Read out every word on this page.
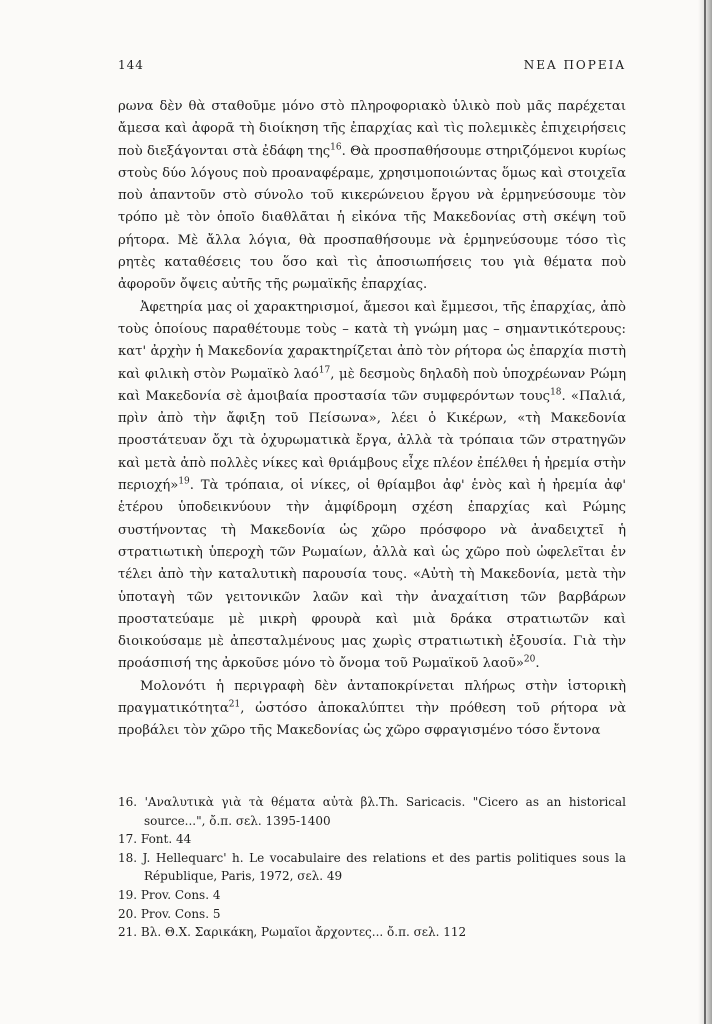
144	ΝΕΑ ΠΟΡΕΙΑ

ρωνα δὲν θὰ σταθοῦμε μόνο στὸ πληροφοριακὸ ὑλικὸ ποὺ μᾶς παρέχεται ἄμεσα καὶ ἀφορᾶ τὴ διοίκηση τῆς ἐπαρχίας καὶ τὶς πολεμικὲς ἐπιχειρήσεις ποὺ διεξάγονται στὰ ἐδάφη της$^{16}$. Θὰ προσπαθήσουμε στηριζόμενοι κυρίως στοὺς δύο λόγους ποὺ προαναφέραμε, χρησιμοποιώντας ὅμως καὶ στοιχεῖα ποὺ ἀπαντοῦν στὸ σύνολο τοῦ κικερώνειου ἔργου νὰ ἑρμηνεύσουμε τὸν τρόπο μὲ τὸν ὁποῖο διαθλᾶται ἡ εἰκόνα τῆς Μακεδονίας στὴ σκέψη τοῦ ρήτορα. Μὲ ἄλλα λόγια, θὰ προσπαθήσουμε νὰ ἑρμηνεύσουμε τόσο τὶς ρητὲς καταθέσεις του ὅσο καὶ τὶς ἀποσιωπήσεις του γιὰ θέματα ποὺ ἀφοροῦν ὄψεις αὐτῆς τῆς ρωμαϊκῆς ἐπαρχίας.

Ἀφετηρία μας οἱ χαρακτηρισμοί, ἄμεσοι καὶ ἔμμεσοι, τῆς ἐπαρχίας, ἀπὸ τοὺς ὁποίους παραθέτουμε τοὺς – κατὰ τὴ γνώμη μας – σημαντικότερους: κατ' ἀρχὴν ἡ Μακεδονία χαρακτηρίζεται ἀπὸ τὸν ρήτορα ὡς ἐπαρχία πιστὴ καὶ φιλικὴ στὸν Ρωμαϊκὸ λαό$^{17}$, μὲ δεσμοὺς δηλαδὴ ποὺ ὑποχρέωναν Ρώμη καὶ Μακεδονία σὲ ἀμοιβαία προστασία τῶν συμφερόντων τους$^{18}$. «Παλιά, πρὶν ἀπὸ τὴν ἄφιξη τοῦ Πείσωνα», λέει ὁ Κικέρων, «τὴ Μακεδονία προστάτευαν ὄχι τὰ ὀχυρωματικὰ ἔργα, ἀλλὰ τὰ τρόπαια τῶν στρατηγῶν καὶ μετὰ ἀπὸ πολλὲς νίκες καὶ θριάμβους εἶχε πλέον ἐπέλθει ἡ ἠρεμία στὴν περιοχή»$^{19}$. Τὰ τρόπαια, οἱ νίκες, οἱ θρίαμβοι ἀφ' ἑνὸς καὶ ἡ ἠρεμία ἀφ' ἑτέρου ὑποδεικνύουν τὴν ἀμφίδρομη σχέση ἐπαρχίας καὶ Ρώμης συστήνοντας τὴ Μακεδονία ὡς χῶρο πρόσφορο νὰ ἀναδειχτεῖ ἡ στρατιωτικὴ ὑπεροχὴ τῶν Ρωμαίων, ἀλλὰ καὶ ὡς χῶρο ποὺ ὠφελεῖται ἐν τέλει ἀπὸ τὴν καταλυτικὴ παρουσία τους. «Αὐτὴ τὴ Μακεδονία, μετὰ τὴν ὑποταγὴ τῶν γειτονικῶν λαῶν καὶ τὴν ἀναχαίτιση τῶν βαρβάρων προστατεύαμε μὲ μικρὴ φρουρὰ καὶ μιὰ δράκα στρατιωτῶν καὶ διοικούσαμε μὲ ἀπεσταλμένους μας χωρὶς στρατιωτικὴ ἐξουσία. Γιὰ τὴν προάσπισή της ἀρκοῦσε μόνο τὸ ὄνομα τοῦ Ρωμαϊκοῦ λαοῦ»$^{20}$.

Μολονότι ἡ περιγραφὴ δὲν ἀνταποκρίνεται πλήρως στὴν ἱστορικὴ πραγματικότητα$^{21}$, ὡστόσο ἀποκαλύπτει τὴν πρόθεση τοῦ ρήτορα νὰ προβάλει τὸν χῶρο τῆς Μακεδονίας ὡς χῶρο σφραγισμένο τόσο ἔντονα

16. 'Αναλυτικὰ γιὰ τὰ θέματα αὐτὰ βλ.Th. Saricacis. "Cicero as an historical source...", ὄ.π. σελ. 1395-1400

17. Font. 44

18. J. Hellequarc' h. Le vocabulaire des relations et des partis politiques sous la République, Paris, 1972, σελ. 49

19. Prov. Cons. 4

20. Prov. Cons. 5

21. Βλ. Θ.Χ. Σαρικάκη, Ρωμαῖοι ἄρχοντες... ὄ.π. σελ. 112
